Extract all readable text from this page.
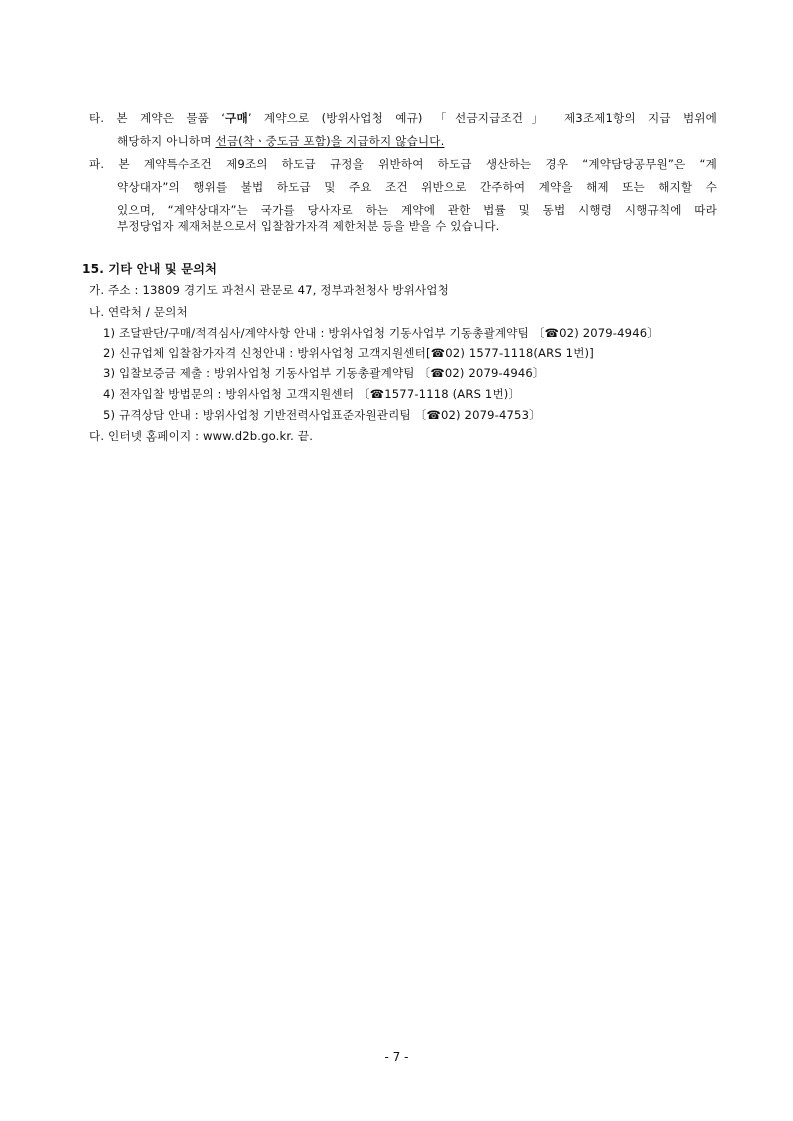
타. 본 계약은 물품 ‘구매’ 계약으로 (방위사업청 예규) 「선금지급조건」 제3조제1항의 지급 범위에
해당하지 아니하며 선금(착ㆍ중도금 포함)을 지급하지 않습니다.
파. 본 계약특수조건 제9조의 하도급 규정을 위반하여 하도급 생산하는 경우 “계약담당공무원”은 “계
약상대자”의 행위를 불법 하도급 및 주요 조건 위반으로 간주하여 계약을 해제 또는 해지할 수
있으며, “계약상대자”는 국가를 당사자로 하는 계약에 관한 법률 및 동법 시행령 시행규칙에 따라
부정당업자 제재처분으로서 입찰참가자격 제한처분 등을 받을 수 있습니다.
15. 기타 안내 및 문의처
가. 주소 : 13809 경기도 과천시 관문로 47, 정부과천청사 방위사업청
나. 연락처 / 문의처
1) 조달판단/구매/적격심사/계약사항 안내 : 방위사업청 기동사업부 기동총괄계약팀 〔☎02) 2079-4946〕
2) 신규업체 입찰참가자격 신청안내 : 방위사업청 고객지원센터[☎02) 1577-1118(ARS 1번)]
3) 입찰보증금 제출 : 방위사업청 기동사업부 기동총괄계약팀 〔☎02) 2079-4946〕
4) 전자입찰 방법문의 : 방위사업청 고객지원센터 〔☎1577-1118 (ARS 1번)〕
5) 규격상담 안내 : 방위사업청 기반전력사업표준자원관리팀 〔☎02) 2079-4753〕
다. 인터넷 홈페이지 : www.d2b.go.kr. 끝.
- 7 -
